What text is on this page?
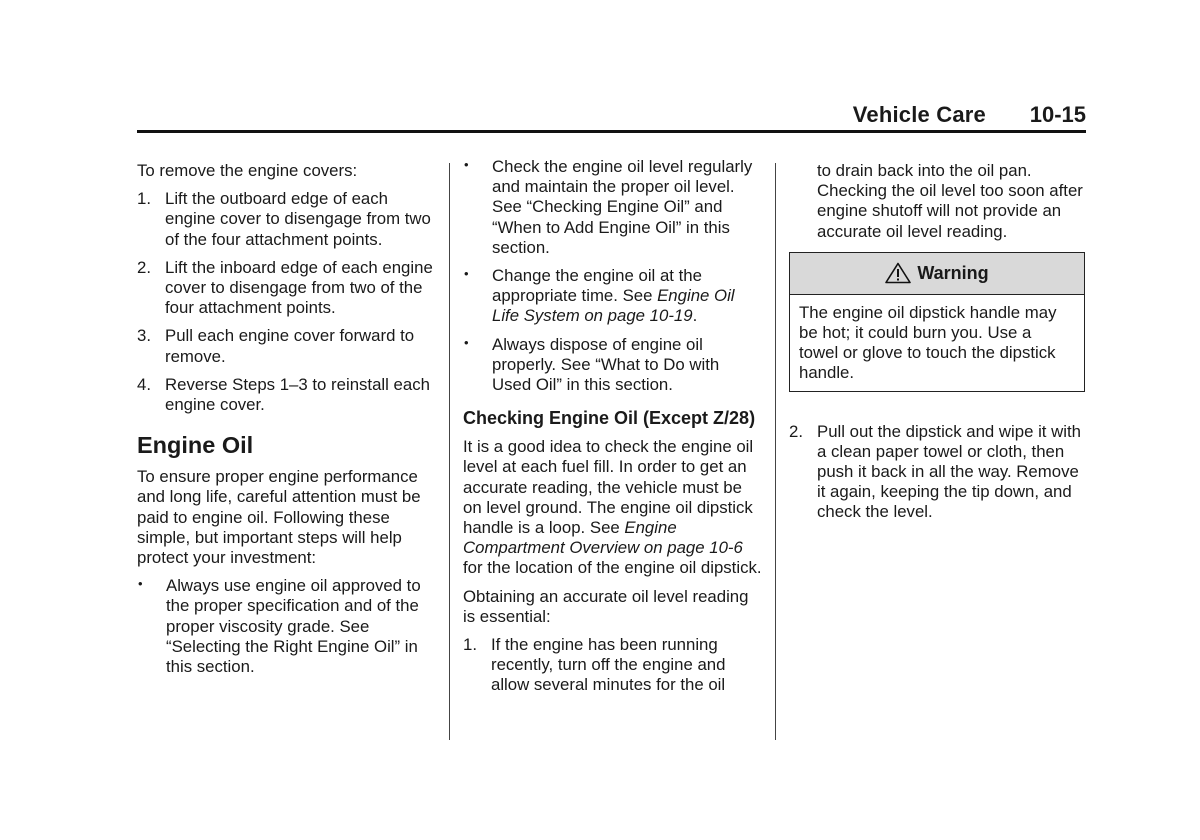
Vehicle Care 10-15

To remove the engine covers:

1. Lift the outboard edge of each engine cover to disengage from two of the four attachment points.
2. Lift the inboard edge of each engine cover to disengage from two of the four attachment points.
3. Pull each engine cover forward to remove.
4. Reverse Steps 1–3 to reinstall each engine cover.
Engine Oil

To ensure proper engine performance and long life, careful attention must be paid to engine oil. Following these simple, but important steps will help protect your investment:

•	Always use engine oil approved to the proper specification and of the proper viscosity grade. See “Selecting the Right Engine Oil” in this section.
•	Check the engine oil level regularly and maintain the proper oil level. See “Checking Engine Oil” and “When to Add Engine Oil” in this section.
•	Change the engine oil at the appropriate time. See Engine Oil Life System on page 10-19.
•	Always dispose of engine oil properly. See “What to Do with Used Oil” in this section.
Checking Engine Oil (Except Z/28)

It is a good idea to check the engine oil level at each fuel fill. In order to get an accurate reading, the vehicle must be on level ground. The engine oil dipstick handle is a loop. See Engine Compartment Overview on page 10-6 for the location of the engine oil dipstick.

Obtaining an accurate oil level reading is essential:

1. If the engine has been running recently, turn off the engine and allow several minutes for the oil

to drain back into the oil pan. Checking the oil level too soon after engine shutoff will not provide an accurate oil level reading.

Warning
The engine oil dipstick handle may be hot; it could burn you. Use a towel or glove to touch the dipstick handle.
2. Pull out the dipstick and wipe it with a clean paper towel or cloth, then push it back in all the way. Remove it again, keeping the tip down, and check the level.
